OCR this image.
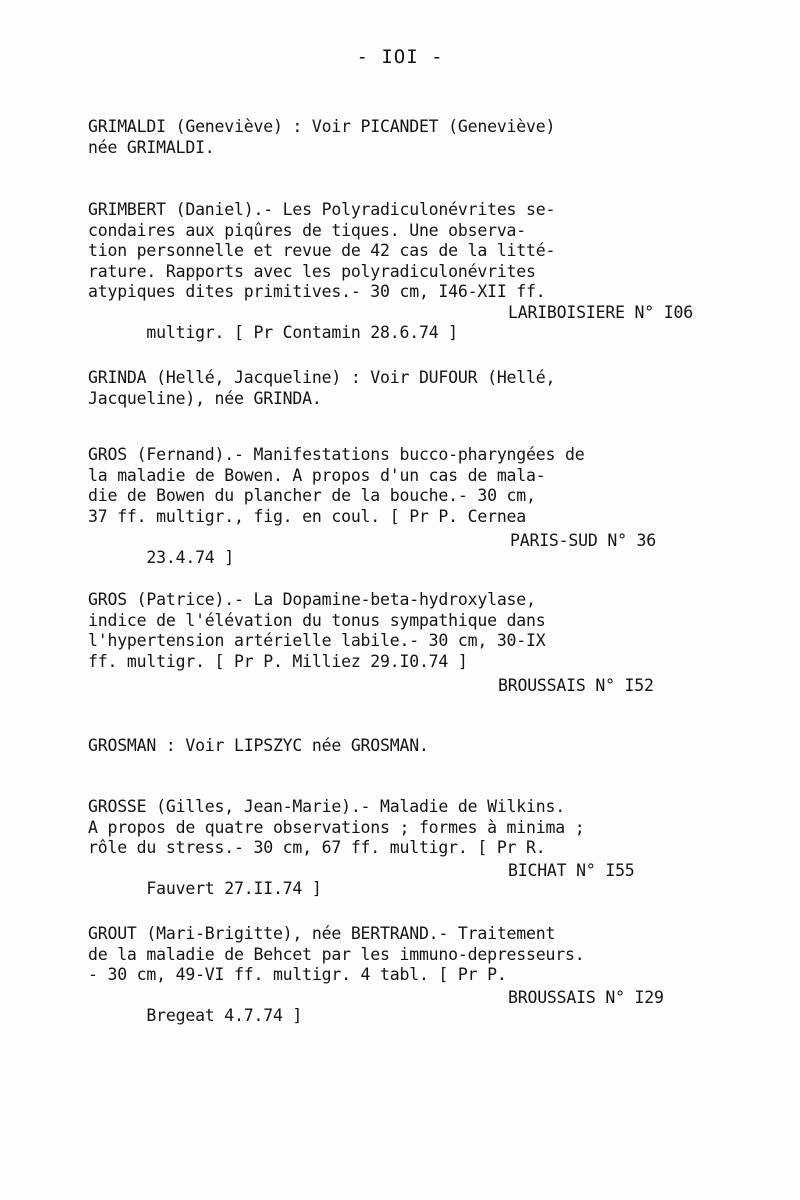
- IOI -
GRIMALDI (Geneviève) : Voir PICANDET (Geneviève)
née GRIMALDI.
GRIMBERT (Daniel).- Les Polyradiculonévrites se-
condaires aux piqûres de tiques. Une observa-
tion personnelle et revue de 42 cas de la litté-
rature. Rapports avec les polyradiculonévrites
atypiques dites primitives.- 30 cm, I46-XII ff.

multigr. [ Pr Contamin 28.6.74 ]

LARIBOISIERE N° I06

GRINDA (Hellé, Jacqueline) : Voir DUFOUR (Hellé,
Jacqueline), née GRINDA.
GROS (Fernand).- Manifestations bucco-pharyngées de
la maladie de Bowen. A propos d'un cas de mala-
die de Bowen du plancher de la bouche.- 30 cm,
37 ff. multigr., fig. en coul. [ Pr P. Cernea

23.4.74 ]

PARIS-SUD N° 36

GROS (Patrice).- La Dopamine-beta-hydroxylase,
indice de l'élévation du tonus sympathique dans
l'hypertension artérielle labile.- 30 cm, 30-IX
ff. multigr. [ Pr P. Milliez 29.I0.74 ]

BROUSSAIS N° I52

GROSMAN : Voir LIPSZYC née GROSMAN.
GROSSE (Gilles, Jean-Marie).- Maladie de Wilkins.
A propos de quatre observations ; formes à minima ;
rôle du stress.- 30 cm, 67 ff. multigr. [ Pr R.

Fauvert 27.II.74 ]

BICHAT N° I55

GROUT (Mari-Brigitte), née BERTRAND.- Traitement
de la maladie de Behcet par les immuno-depresseurs.
- 30 cm, 49-VI ff. multigr. 4 tabl. [ Pr P.

Bregeat 4.7.74 ]

BROUSSAIS N° I29
